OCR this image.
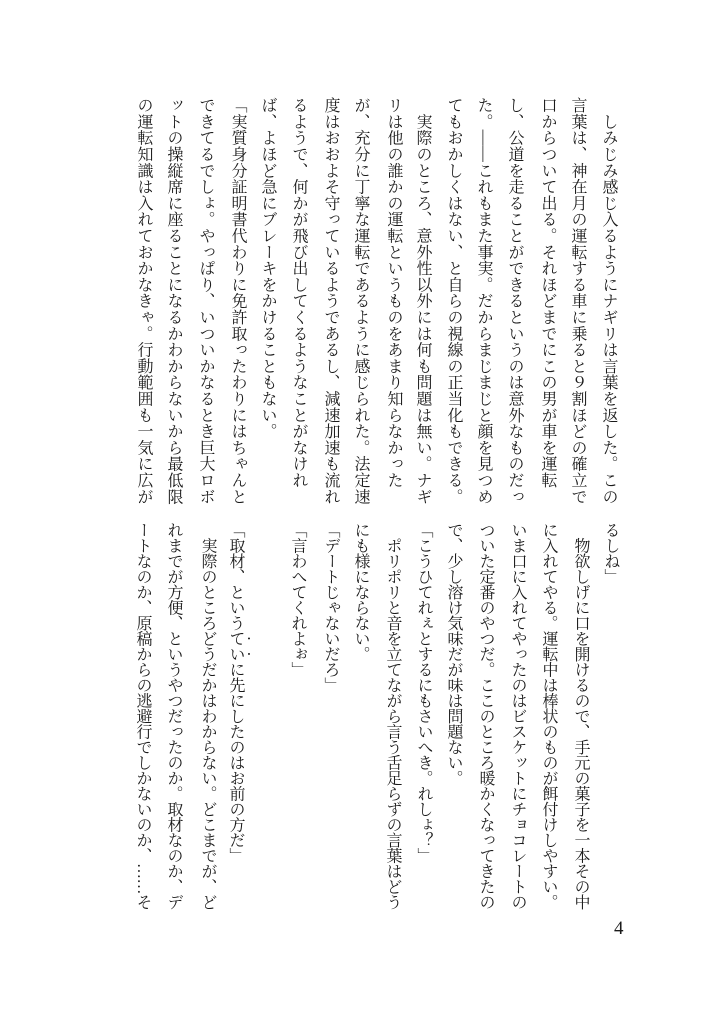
　しみじみ感じ入るようにナギリは言葉を返した。この
言葉は、神在月の運転する車に乗ると９割ほどの確立で
口からついて出る。それほどまでにこの男が車を運転
し、公道を走ることができるというのは意外なものだっ
た。――これもまた事実。だからまじまじと顔を見つめ
てもおかしくはない、と自らの視線の正当化もできる。
　実際のところ、意外性以外には何も問題は無い。ナギ
リは他の誰かの運転というものをあまり知らなかった
が、充分に丁寧な運転であるように感じられた。法定速
度はおおよそ守っているようであるし、減速加速も流れ
るようで、何かが飛び出してくるようなことがなけれ
ば、よほど急にブレーキをかけることもない。
「実質身分証明書代わりに免許取ったわりにはちゃんと
できてるでしょ。やっぱり、いついかなるとき巨大ロボ
ットの操縦席に座ることになるかわからないから最低限
の運転知識は入れておかなきゃ。行動範囲も一気に広が
るしね」
　物欲しげに口を開けるので、手元の菓子を一本その中
に入れてやる。運転中は棒状のものが餌付けしやすい。
いま口に入れてやったのはビスケットにチョコレートの
ついた定番のやつだ。ここのところ暖かくなってきたの
で、少し溶け気味だが味は問題ない。
「こうひてれぇとするにもさいへき。れしょ？」
　ポリポリと音を立てながら言う舌足らずの言葉はどう
にも様にならない。
「デートじゃないだろ」
「言わへてくれよぉ」
「取材、というていに先にしたのはお前の方だ」
　実際のところどうだかはわからない。どこまでが、ど
れまでが方便、というやつだったのか。取材なのか、デ
ートなのか、原稿からの逃避行でしかないのか、……そ
4
